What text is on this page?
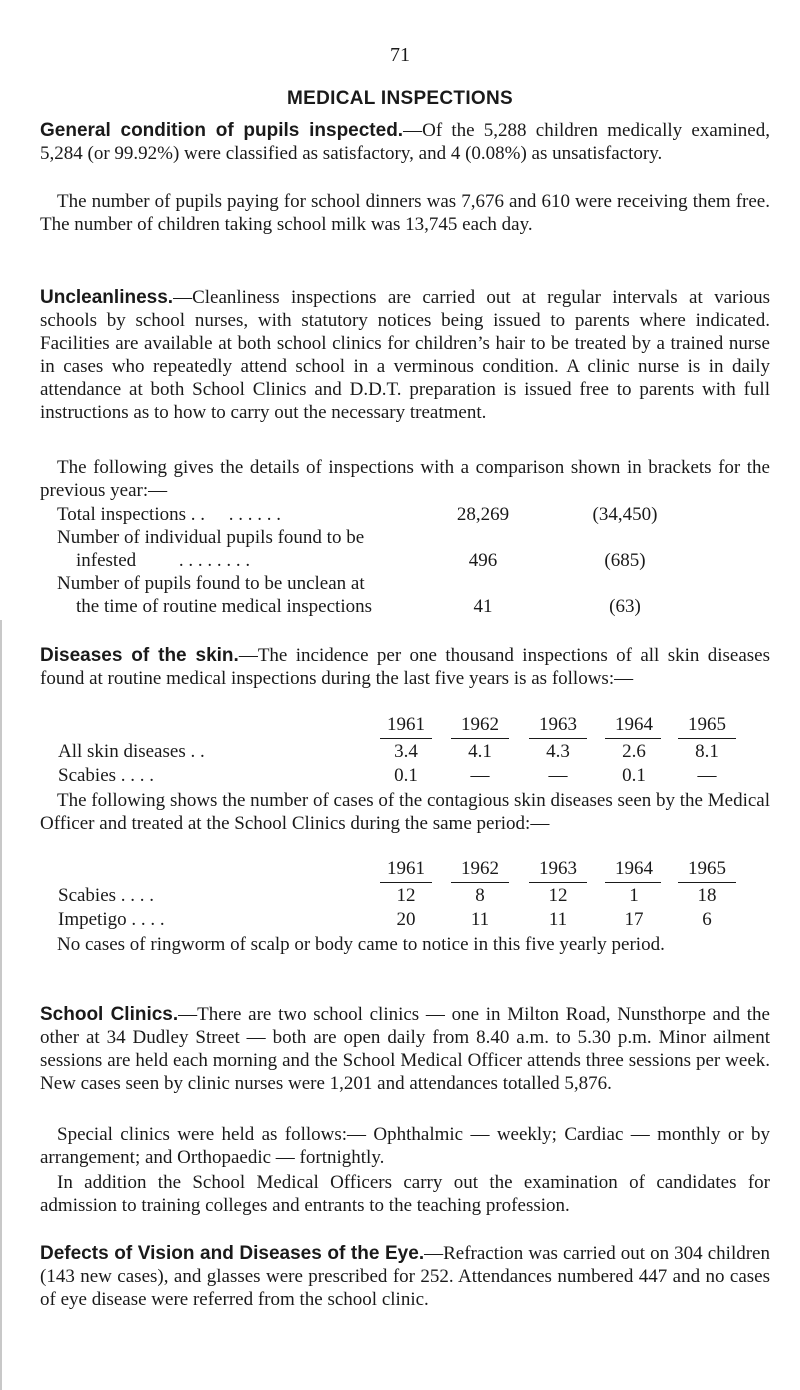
71
MEDICAL INSPECTIONS
General condition of pupils inspected.—Of the 5,288 children medically examined, 5,284 (or 99.92%) were classified as satisfactory, and 4 (0.08%) as unsatisfactory.
The number of pupils paying for school dinners was 7,676 and 610 were receiving them free. The number of children taking school milk was 13,745 each day.
Uncleanliness.—Cleanliness inspections are carried out at regular intervals at various schools by school nurses, with statutory notices being issued to parents where indicated. Facilities are available at both school clinics for children’s hair to be treated by a trained nurse in cases who repeatedly attend school in a verminous condition. A clinic nurse is in daily attendance at both School Clinics and D.D.T. preparation is issued free to parents with full instructions as to how to carry out the necessary treatment.
The following gives the details of inspections with a comparison shown in brackets for the previous year:—
Total inspections . . . . . . . .	28,269	(34,450)
Number of individual pupils found to be
infested . . . . . . . .	496	(685)
Number of pupils found to be unclean at
the time of routine medical inspections	41	(63)
Diseases of the skin.—The incidence per one thousand inspections of all skin diseases found at routine medical inspections during the last five years is as follows:—
1961	1962	1963	1964	1965
All skin diseases . .	3.4	4.1	4.3	2.6	8.1
Scabies . . . .	0.1	—	—	0.1	—
The following shows the number of cases of the contagious skin diseases seen by the Medical Officer and treated at the School Clinics during the same period:—
1961	1962	1963	1964	1965
Scabies . . . .	12	8	12	1	18
Impetigo . . . .	20	11	11	17	6
No cases of ringworm of scalp or body came to notice in this five yearly period.
School Clinics.—There are two school clinics — one in Milton Road, Nunsthorpe and the other at 34 Dudley Street — both are open daily from 8.40 a.m. to 5.30 p.m. Minor ailment sessions are held each morning and the School Medical Officer attends three sessions per week. New cases seen by clinic nurses were 1,201 and attendances totalled 5,876.
Special clinics were held as follows:— Ophthalmic — weekly; Cardiac — monthly or by arrangement; and Orthopaedic — fortnightly.
In addition the School Medical Officers carry out the examination of candidates for admission to training colleges and entrants to the teaching profession.
Defects of Vision and Diseases of the Eye.—Refraction was carried out on 304 children (143 new cases), and glasses were prescribed for 252. Attendances numbered 447 and no cases of eye disease were referred from the school clinic.
